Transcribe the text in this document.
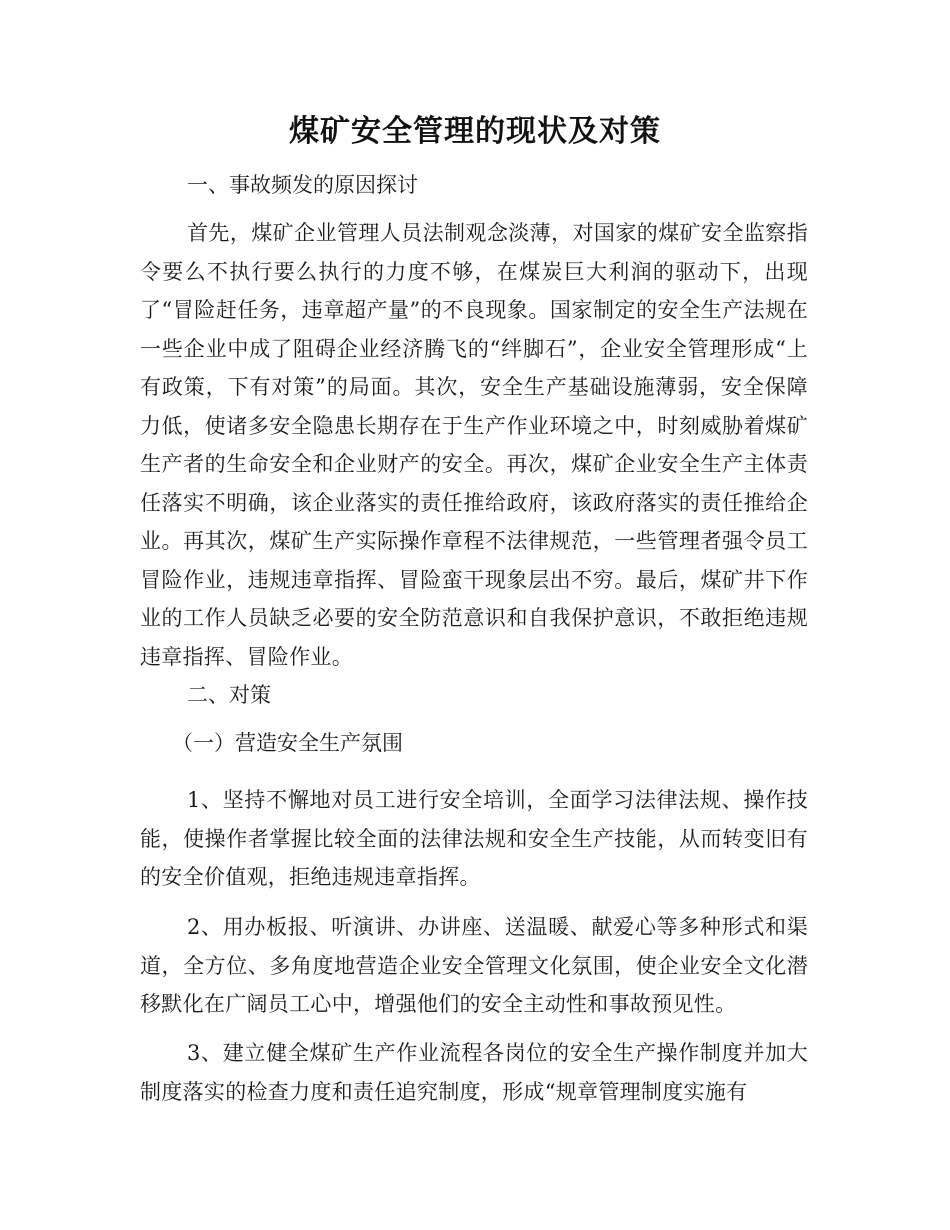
煤矿安全管理的现状及对策

一、事故频发的原因探讨

首先，煤矿企业管理人员法制观念淡薄，对国家的煤矿安全监察指令要么不执行要么执行的力度不够，在煤炭巨大利润的驱动下，出现了“冒险赶任务，违章超产量”的不良现象。国家制定的安全生产法规在一些企业中成了阻碍企业经济腾飞的“绊脚石”，企业安全管理形成“上有政策，下有对策”的局面。其次，安全生产基础设施薄弱，安全保障力低，使诸多安全隐患长期存在于生产作业环境之中，时刻威胁着煤矿生产者的生命安全和企业财产的安全。再次，煤矿企业安全生产主体责任落实不明确，该企业落实的责任推给政府，该政府落实的责任推给企业。再其次，煤矿生产实际操作章程不法律规范，一些管理者强令员工冒险作业，违规违章指挥、冒险蛮干现象层出不穷。最后，煤矿井下作业的工作人员缺乏必要的安全防范意识和自我保护意识，不敢拒绝违规违章指挥、冒险作业。

二、对策

（一）营造安全生产氛围

1、坚持不懈地对员工进行安全培训，全面学习法律法规、操作技能，使操作者掌握比较全面的法律法规和安全生产技能，从而转变旧有的安全价值观，拒绝违规违章指挥。

2、用办板报、听演讲、办讲座、送温暖、献爱心等多种形式和渠道，全方位、多角度地营造企业安全管理文化氛围，使企业安全文化潜移默化在广阔员工心中，增强他们的安全主动性和事故预见性。

3、建立健全煤矿生产作业流程各岗位的安全生产操作制度并加大制度落实的检查力度和责任追究制度，形成“规章管理制度实施有
